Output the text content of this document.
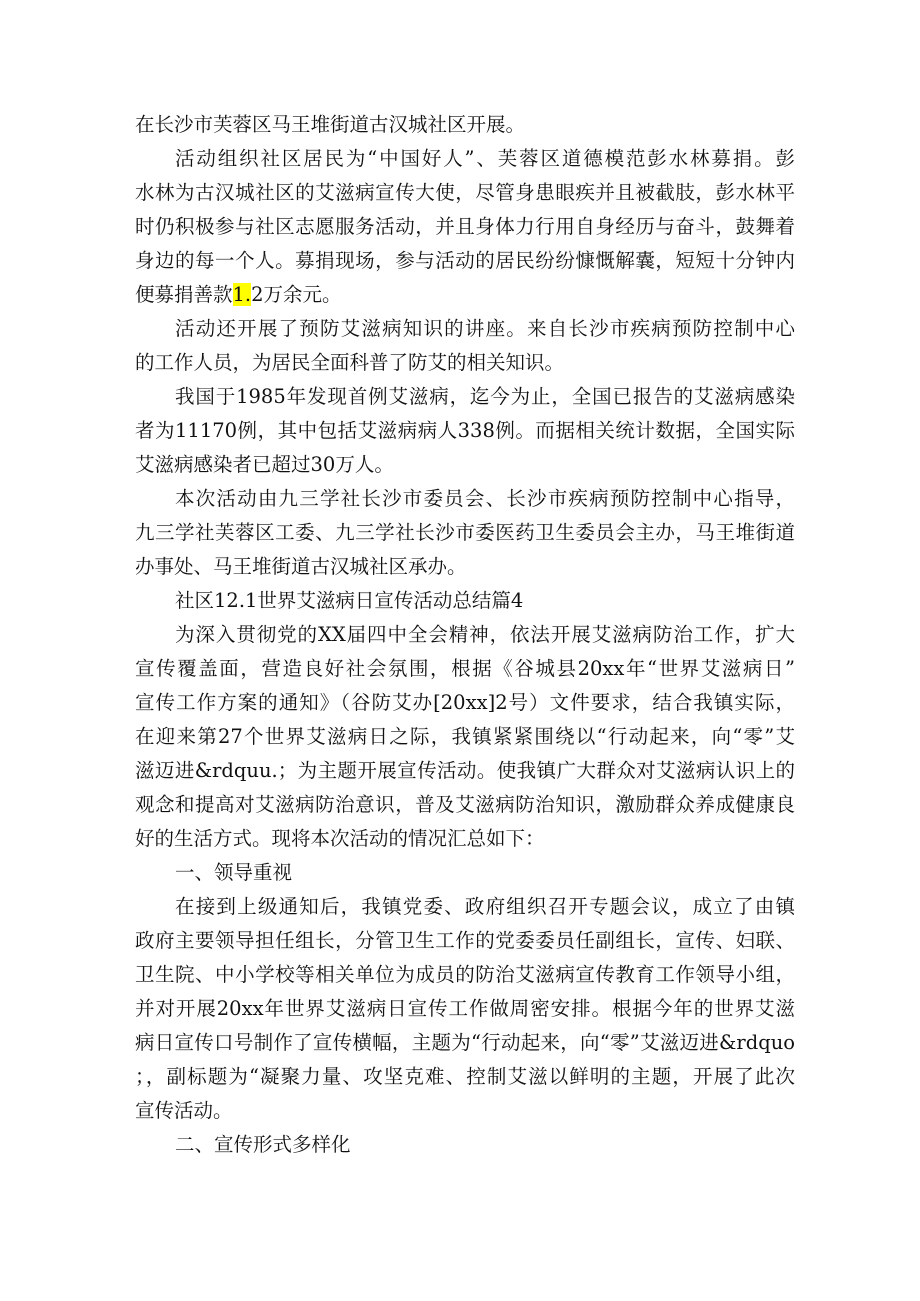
在长沙市芙蓉区马王堆街道古汉城社区开展。
活动组织社区居民为“中国好人”、芙蓉区道德模范彭水林募捐。彭
水林为古汉城社区的艾滋病宣传大使，尽管身患眼疾并且被截肢，彭水林平
时仍积极参与社区志愿服务活动，并且身体力行用自身经历与奋斗，鼓舞着
身边的每一个人。募捐现场，参与活动的居民纷纷慷慨解囊，短短十分钟内
便募捐善款1.2万余元。
活动还开展了预防艾滋病知识的讲座。来自长沙市疾病预防控制中心
的工作人员，为居民全面科普了防艾的相关知识。
我国于1985年发现首例艾滋病，迄今为止，全国已报告的艾滋病感染
者为11170例，其中包括艾滋病病人338例。而据相关统计数据，全国实际
艾滋病感染者已超过30万人。
本次活动由九三学社长沙市委员会、长沙市疾病预防控制中心指导，
九三学社芙蓉区工委、九三学社长沙市委医药卫生委员会主办，马王堆街道
办事处、马王堆街道古汉城社区承办。
社区12.1世界艾滋病日宣传活动总结篇4
为深入贯彻党的XX届四中全会精神，依法开展艾滋病防治工作，扩大
宣传覆盖面，营造良好社会氛围，根据《谷城县20xx年“世界艾滋病日”
宣传工作方案的通知》（谷防艾办[20xx]2号）文件要求，结合我镇实际，
在迎来第27个世界艾滋病日之际，我镇紧紧围绕以“行动起来，向“零”艾
滋迈进&rdquu.；为主题开展宣传活动。使我镇广大群众对艾滋病认识上的
观念和提高对艾滋病防治意识，普及艾滋病防治知识，激励群众养成健康良
好的生活方式。现将本次活动的情况汇总如下：
一、领导重视
在接到上级通知后，我镇党委、政府组织召开专题会议，成立了由镇
政府主要领导担任组长，分管卫生工作的党委委员任副组长，宣传、妇联、
卫生院、中小学校等相关单位为成员的防治艾滋病宣传教育工作领导小组，
并对开展20xx年世界艾滋病日宣传工作做周密安排。根据今年的世界艾滋
病日宣传口号制作了宣传横幅，主题为“行动起来，向“零”艾滋迈进&rdquo
；，副标题为“凝聚力量、攻坚克难、控制艾滋以鲜明的主题，开展了此次
宣传活动。
二、宣传形式多样化
